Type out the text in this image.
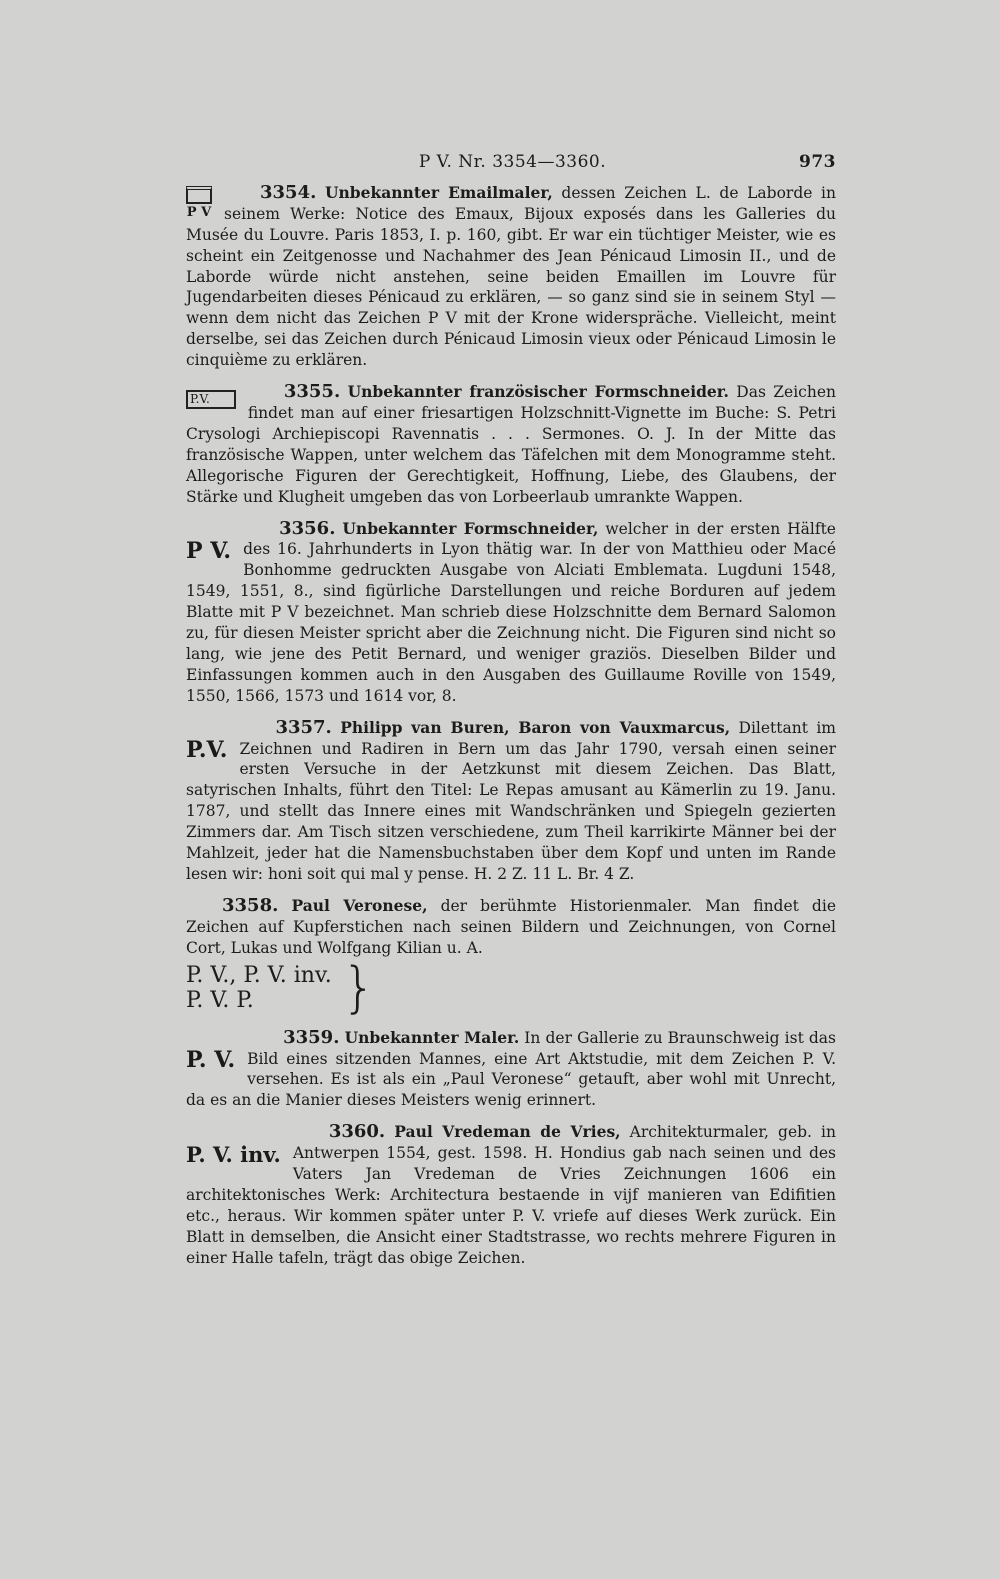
P V. Nr. 3354—3360.	973
P V

3354. Unbekannter Emailmaler, dessen Zeichen L. de Laborde in seinem Werke: Notice des Emaux, Bijoux exposés dans les Galleries du Musée du Louvre. Paris 1853, I. p. 160, gibt. Er war ein tüchtiger Meister, wie es scheint ein Zeitgenosse und Nachahmer des Jean Pénicaud Limosin II., und de Laborde würde nicht anstehen, seine beiden Emaillen im Louvre für Jugendarbeiten dieses Pénicaud zu erklären, — so ganz sind sie in seinem Styl — wenn dem nicht das Zeichen P V mit der Krone widerspräche. Vielleicht, meint derselbe, sei das Zeichen durch Pénicaud Limosin vieux oder Pénicaud Limosin le cinquième zu erklären.

P.V.	3355. Unbekannter französischer Formschneider. Das Zeichen findet man auf einer friesartigen Holzschnitt-Vignette im Buche: S. Petri Crysologi Archiepiscopi Ravennatis . . . Sermones. O. J. In der Mitte das französische Wappen, unter welchem das Täfelchen mit dem Monogramme steht. Allegorische Figuren der Gerechtigkeit, Hoffnung, Liebe, des Glaubens, der Stärke und Klugheit umgeben das von Lorbeerlaub umrankte Wappen.

P V.

3356. Unbekannter Formschneider, welcher in der ersten Hälfte des 16. Jahrhunderts in Lyon thätig war. In der von Matthieu oder Macé Bonhomme gedruckten Ausgabe von Alciati Emblemata. Lugduni 1548, 1549, 1551, 8., sind figürliche Darstellungen und reiche Borduren auf jedem Blatte mit P V bezeichnet. Man schrieb diese Holzschnitte dem Bernard Salomon zu, für diesen Meister spricht aber die Zeichnung nicht. Die Figuren sind nicht so lang, wie jene des Petit Bernard, und weniger graziös. Dieselben Bilder und Einfassungen kommen auch in den Ausgaben des Guillaume Roville von 1549, 1550, 1566, 1573 und 1614 vor, 8.

P.V.

3357. Philipp van Buren, Baron von Vauxmarcus, Dilettant im Zeichnen und Radiren in Bern um das Jahr 1790, versah einen seiner ersten Versuche in der Aetzkunst mit diesem Zeichen. Das Blatt, satyrischen Inhalts, führt den Titel: Le Repas amusant au Kämerlin zu 19. Janu. 1787, und stellt das Innere eines mit Wandschränken und Spiegeln gezierten Zimmers dar. Am Tisch sitzen verschiedene, zum Theil karrikirte Männer bei der Mahlzeit, jeder hat die Namensbuchstaben über dem Kopf und unten im Rande lesen wir: honi soit qui mal y pense. H. 2 Z. 11 L. Br. 4 Z.

3358. Paul Veronese, der berühmte Historienmaler. Man findet die Zeichen auf Kupferstichen nach seinen Bildern und Zeichnungen, von Cornel Cort, Lukas und Wolfgang Kilian u. A.

}
P. V., P. V. inv.
P. V. P.
P. V.

3359. Unbekannter Maler. In der Gallerie zu Braunschweig ist das Bild eines sitzenden Mannes, eine Art Aktstudie, mit dem Zeichen P. V. versehen. Es ist als ein „Paul Veronese“ getauft, aber wohl mit Unrecht, da es an die Manier dieses Meisters wenig erinnert.

P. V. inv.

3360. Paul Vredeman de Vries, Architekturmaler, geb. in Antwerpen 1554, gest. 1598. H. Hondius gab nach seinen und des Vaters Jan Vredeman de Vries Zeichnungen 1606 ein architektonisches Werk: Architectura bestaende in vijf manieren van Edifitien etc., heraus. Wir kommen später unter P. V. vriefe auf dieses Werk zurück. Ein Blatt in demselben, die Ansicht einer Stadtstrasse, wo rechts mehrere Figuren in einer Halle tafeln, trägt das obige Zeichen.
